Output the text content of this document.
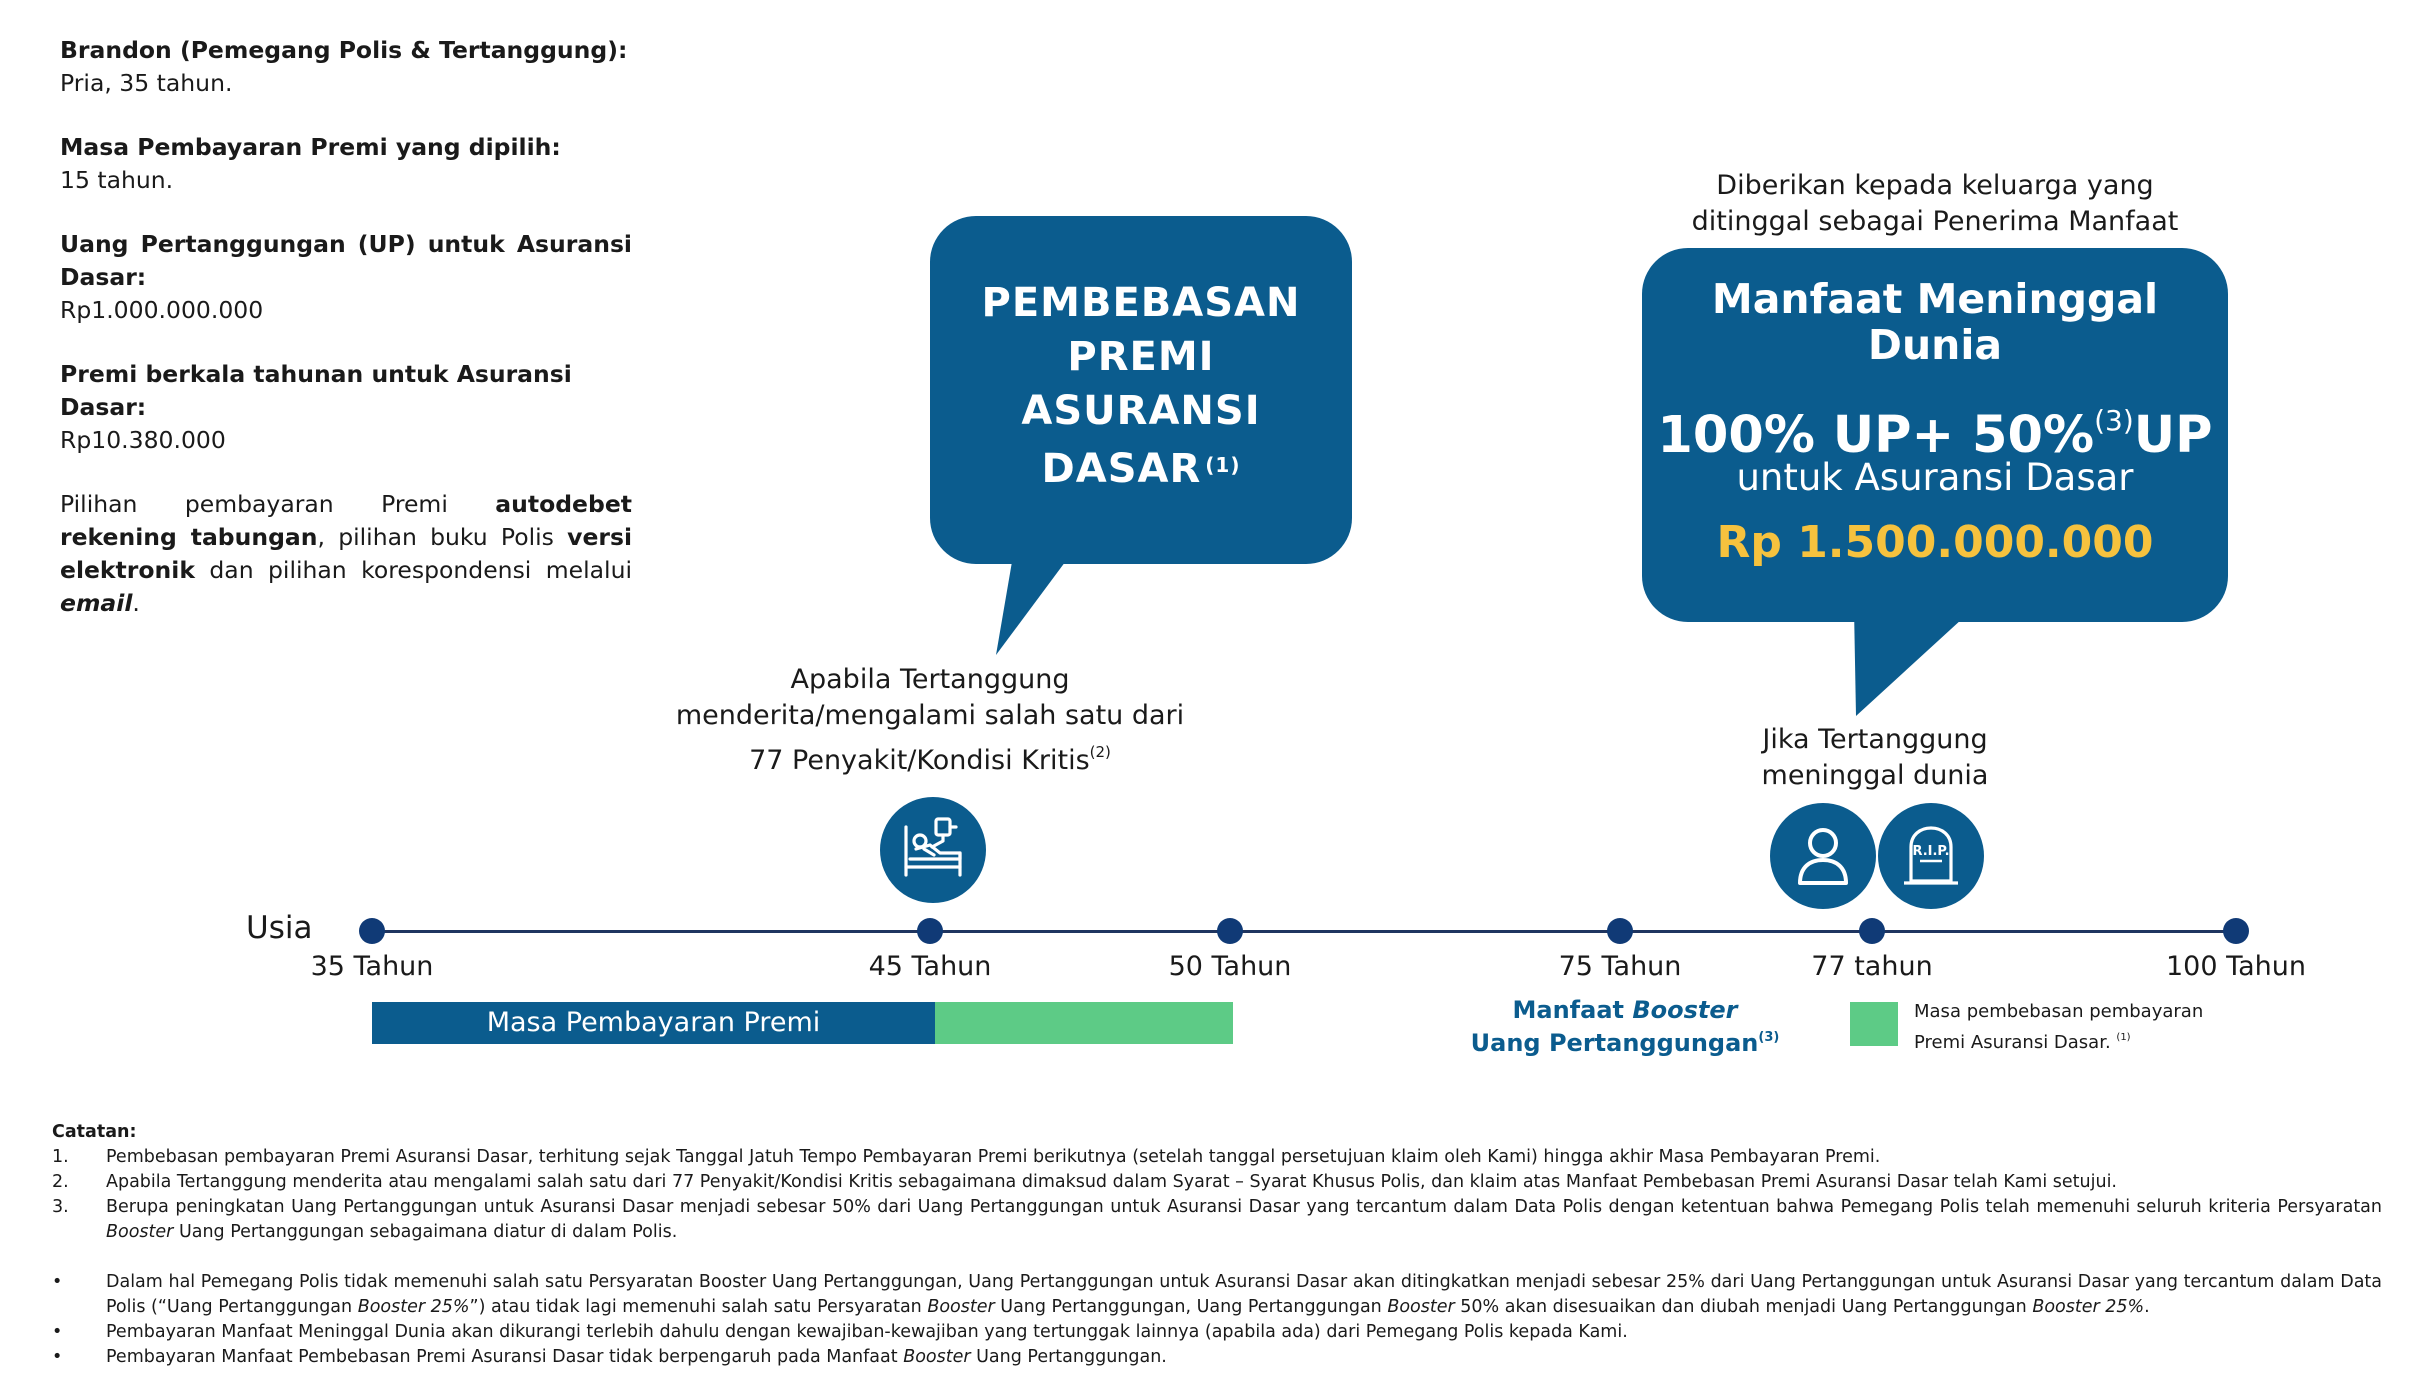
Brandon (Pemegang Polis & Tertanggung):
Pria, 35 tahun.

Masa Pembayaran Premi yang dipilih:
15 tahun.

Uang Pertanggungan (UP) untuk Asuransi
Dasar:
Rp1.000.000.000

Premi berkala tahunan untuk Asuransi Dasar:
Rp10.380.000

Pilihan pembayaran Premi autodebet rekening tabungan, pilihan buku Polis versi elektronik dan pilihan korespondensi melalui email.

PEMBEBASAN
PREMI
ASURANSI
DASAR $^{(1)}$
Diberikan kepada keluarga yang
ditinggal sebagai Penerima Manfaat
Manfaat Meninggal
Dunia
100% UP+ 50%$^{(3)}$UP
untuk Asuransi Dasar
Rp 1.500.000.000
Apabila Tertanggung
menderita/mengalami salah satu dari
77 Penyakit/Kondisi Kritis$^{(2)}$	Jika Tertanggung
meninggal dunia
R.I.P.
Usia
35 Tahun	45 Tahun	50 Tahun	75 Tahun	77 tahun	100 Tahun
Masa Pembayaran Premi	Manfaat Booster
Uang Pertanggungan$^{(3)}$
Masa pembebasan pembayaran
Premi Asuransi Dasar. $^{(1)}$
Catatan:
1.	Pembebasan pembayaran Premi Asuransi Dasar, terhitung sejak Tanggal Jatuh Tempo Pembayaran Premi berikutnya (setelah tanggal persetujuan klaim oleh Kami) hingga akhir Masa Pembayaran Premi.
2.	Apabila Tertanggung menderita atau mengalami salah satu dari 77 Penyakit/Kondisi Kritis sebagaimana dimaksud dalam Syarat – Syarat Khusus Polis, dan klaim atas Manfaat Pembebasan Premi Asuransi Dasar telah Kami setujui.
3.	Berupa peningkatan Uang Pertanggungan untuk Asuransi Dasar menjadi sebesar 50% dari Uang Pertanggungan untuk Asuransi Dasar yang tercantum dalam Data Polis dengan ketentuan bahwa Pemegang Polis telah memenuhi seluruh kriteria Persyaratan Booster Uang Pertanggungan sebagaimana diatur di dalam Polis.
•	Dalam hal Pemegang Polis tidak memenuhi salah satu Persyaratan Booster Uang Pertanggungan, Uang Pertanggungan untuk Asuransi Dasar akan ditingkatkan menjadi sebesar 25% dari Uang Pertanggungan untuk Asuransi Dasar yang tercantum dalam Data Polis (“Uang Pertanggungan Booster 25%”) atau tidak lagi memenuhi salah satu Persyaratan Booster Uang Pertanggungan, Uang Pertanggungan Booster 50% akan disesuaikan dan diubah menjadi Uang Pertanggungan Booster 25%.
•	Pembayaran Manfaat Meninggal Dunia akan dikurangi terlebih dahulu dengan kewajiban-kewajiban yang tertunggak lainnya (apabila ada) dari Pemegang Polis kepada Kami.
•	Pembayaran Manfaat Pembebasan Premi Asuransi Dasar tidak berpengaruh pada Manfaat Booster Uang Pertanggungan.
